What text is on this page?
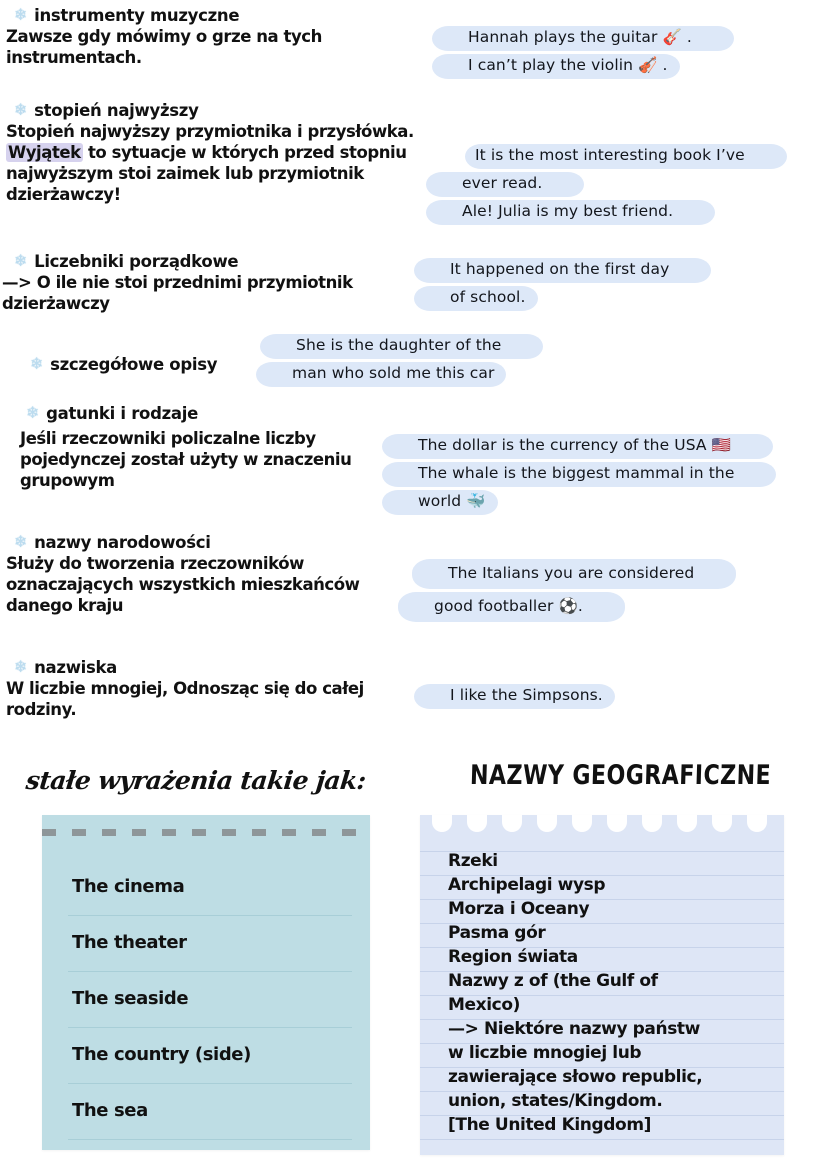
❄ instrumenty muzyczne
Zawsze gdy mówimy o grze na tych
instrumentach.
❄ stopień najwyższy
Stopień najwyższy przymiotnika i przysłówka.
Wyjątek to sytuacje w których przed stopniu
najwyższym stoi zaimek lub przymiotnik
dzierżawczy!
❄ Liczebniki porządkowe
—> O ile nie stoi przednimi przymiotnik
dzierżawczy
❄ szczegółowe opisy
❄ gatunki i rodzaje
Jeśli rzeczowniki policzalne liczby
pojedynczej został użyty w znaczeniu
grupowym
❄ nazwy narodowości
Służy do tworzenia rzeczowników
oznaczających wszystkich mieszkańców
danego kraju
❄ nazwiska
W liczbie mnogiej, Odnosząc się do całej
rodziny.
Hannah plays the guitar 🎸 .
I can’t play the violin 🎻 .
It is the most interesting book I’ve
ever read.
Ale! Julia is my best friend.
It happened on the first day
of school.
She is the daughter of the
man who sold me this car
The dollar is the currency of the USA 🇺🇸
The whale is the biggest mammal in the
world 🐳
The Italians you are considered
good footballer ⚽.
I like the Simpsons.
stałe wyrażenia takie jak:	NAZWY GEOGRAFICZNE
The cinema
The theater
The seaside
The country (side)
The sea
Rzeki
Archipelagi wysp
Morza i Oceany
Pasma gór
Region świata
Nazwy z of (the Gulf of
Mexico)
—> Niektóre nazwy państw
w liczbie mnogiej lub
zawierające słowo republic,
union, states/Kingdom.
[The United Kingdom]
